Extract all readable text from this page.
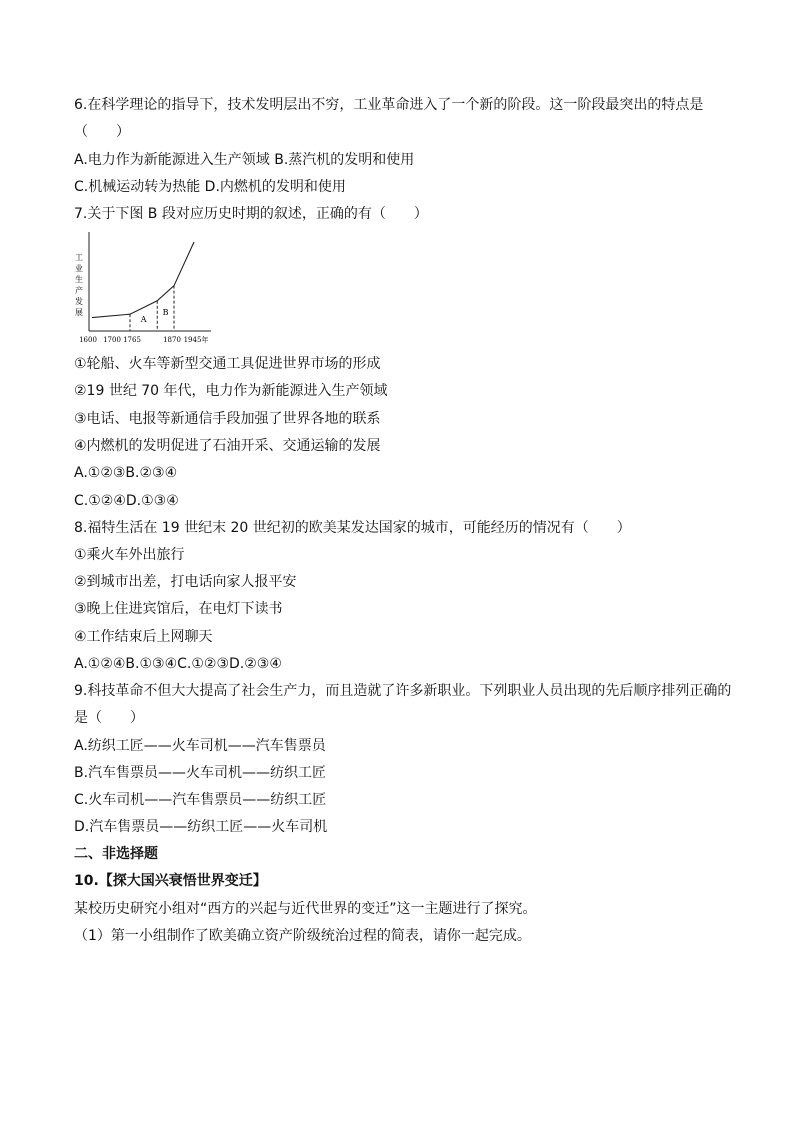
6.在科学理论的指导下，技术发明层出不穷，工业革命进入了一个新的阶段。这一阶段最突出的特点是
（　　）
A.电力作为新能源进入生产领域 B.蒸汽机的发明和使用
C.机械运动转为热能 D.内燃机的发明和使用
7.关于下图 B 段对应历史时期的叙述，正确的有（　　）
工业生产发展
A
B
1600 1700 1765	1870 1945年
①轮船、火车等新型交通工具促进世界市场的形成
②19 世纪 70 年代，电力作为新能源进入生产领域
③电话、电报等新通信手段加强了世界各地的联系
④内燃机的发明促进了石油开采、交通运输的发展
A.①②③B.②③④
C.①②④D.①③④
8.福特生活在 19 世纪末 20 世纪初的欧美某发达国家的城市，可能经历的情况有（　　）
①乘火车外出旅行
②到城市出差，打电话向家人报平安
③晚上住进宾馆后，在电灯下读书
④工作结束后上网聊天
A.①②④B.①③④C.①②③D.②③④
9.科技革命不但大大提高了社会生产力，而且造就了许多新职业。下列职业人员出现的先后顺序排列正确的
是（　　）
A.纺织工匠——火车司机——汽车售票员
B.汽车售票员——火车司机——纺织工匠
C.火车司机——汽车售票员——纺织工匠
D.汽车售票员——纺织工匠——火车司机
二、非选择题
10.【探大国兴衰悟世界变迁】
某校历史研究小组对“西方的兴起与近代世界的变迁”这一主题进行了探究。
（1）第一小组制作了欧美确立资产阶级统治过程的简表，请你一起完成。
